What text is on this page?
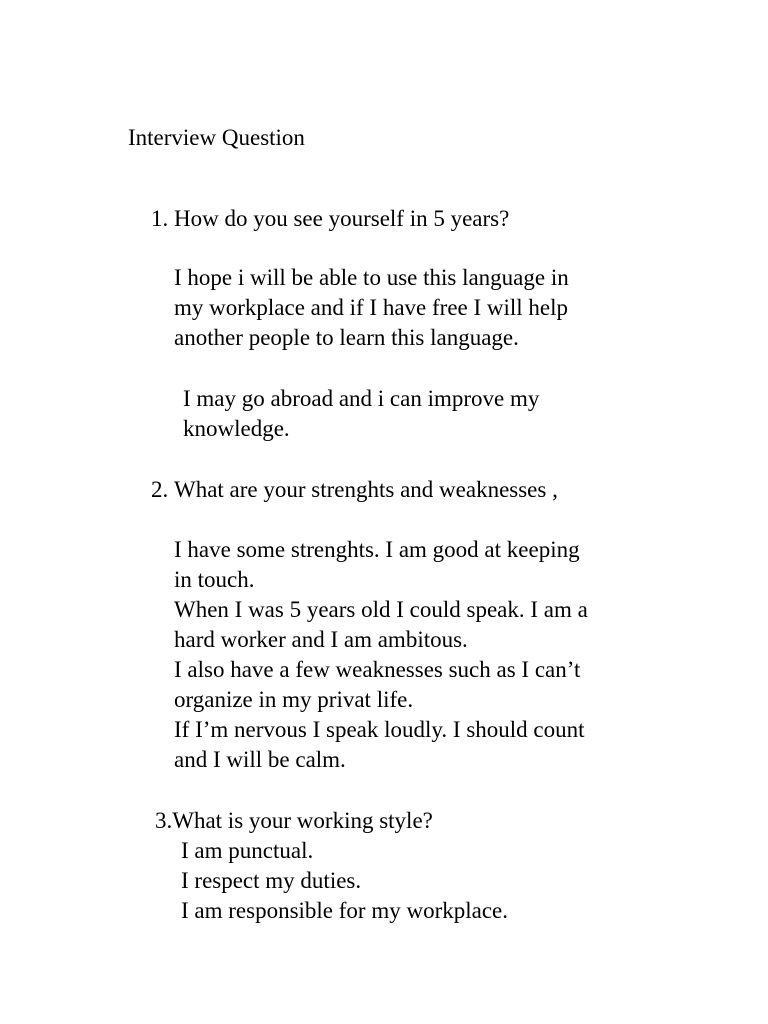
Interview Question
1. How do you see yourself in 5 years?
I hope i will be able to use this language in
my workplace and if I have free I will help
another people to learn this language.
I may go abroad and i can improve my
knowledge.
2. What are your strenghts and weaknesses ,
I have some strenghts. I am good at keeping
in touch.
When I was 5 years old I could speak. I am a
hard worker and I am ambitous.
I also have a few weaknesses such as I can’t
organize in my privat life.
If I’m nervous I speak loudly. I should count
and I will be calm.
3.What is your working style?
I am punctual.
I respect my duties.
I am responsible for my workplace.
